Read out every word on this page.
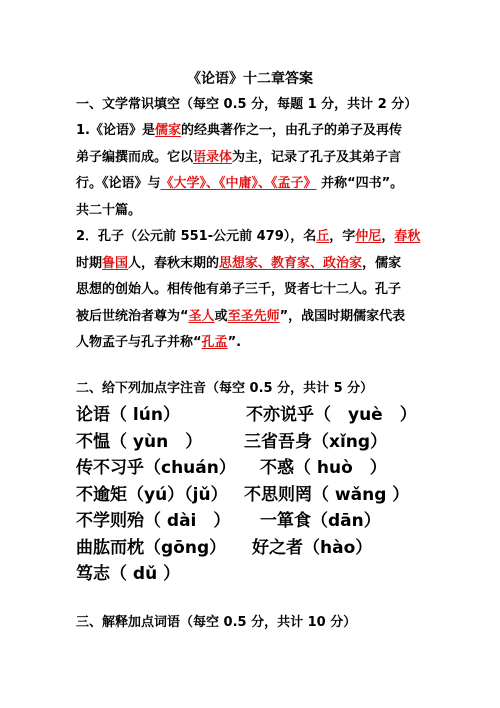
《论语》十二章答案
一、文学常识填空（每空 0.5 分，每题 1 分，共计 2 分）
1.《论语》是儒家的经典著作之一，由孔子的弟子及再传
弟子编撰而成。它以语录体为主，记录了孔子及其弟子言
行。《论语》与《大学》、《中庸》、《孟子》 并称“四书”。
共二十篇。
2．孔子（公元前 551-公元前 479），名丘，字仲尼，春秋
时期鲁国人，春秋末期的思想家、教育家、政治家，儒家
思想的创始人。相传他有弟子三千，贤者七十二人。孔子
被后世统治者尊为“圣人或至圣先师”，战国时期儒家代表
人物孟子与孔子并称“孔孟”.
二、给下列加点字注音（每空 0.5 分，共计 5 分）
论语（ lún）	不亦说乎（　yuè　）
不愠（ yùn　） 三省吾身（xǐng）
传不习乎（chuán） 不惑（ huò　）
不逾矩（yú）（jǔ） 不思则罔（ wǎng ）
不学则殆（ dài　） 一箪食（dān）
曲肱而枕（gōng） 好之者（hào）
笃志（ dǔ ）
三、解释加点词语（每空 0.5 分，共计 10 分）
